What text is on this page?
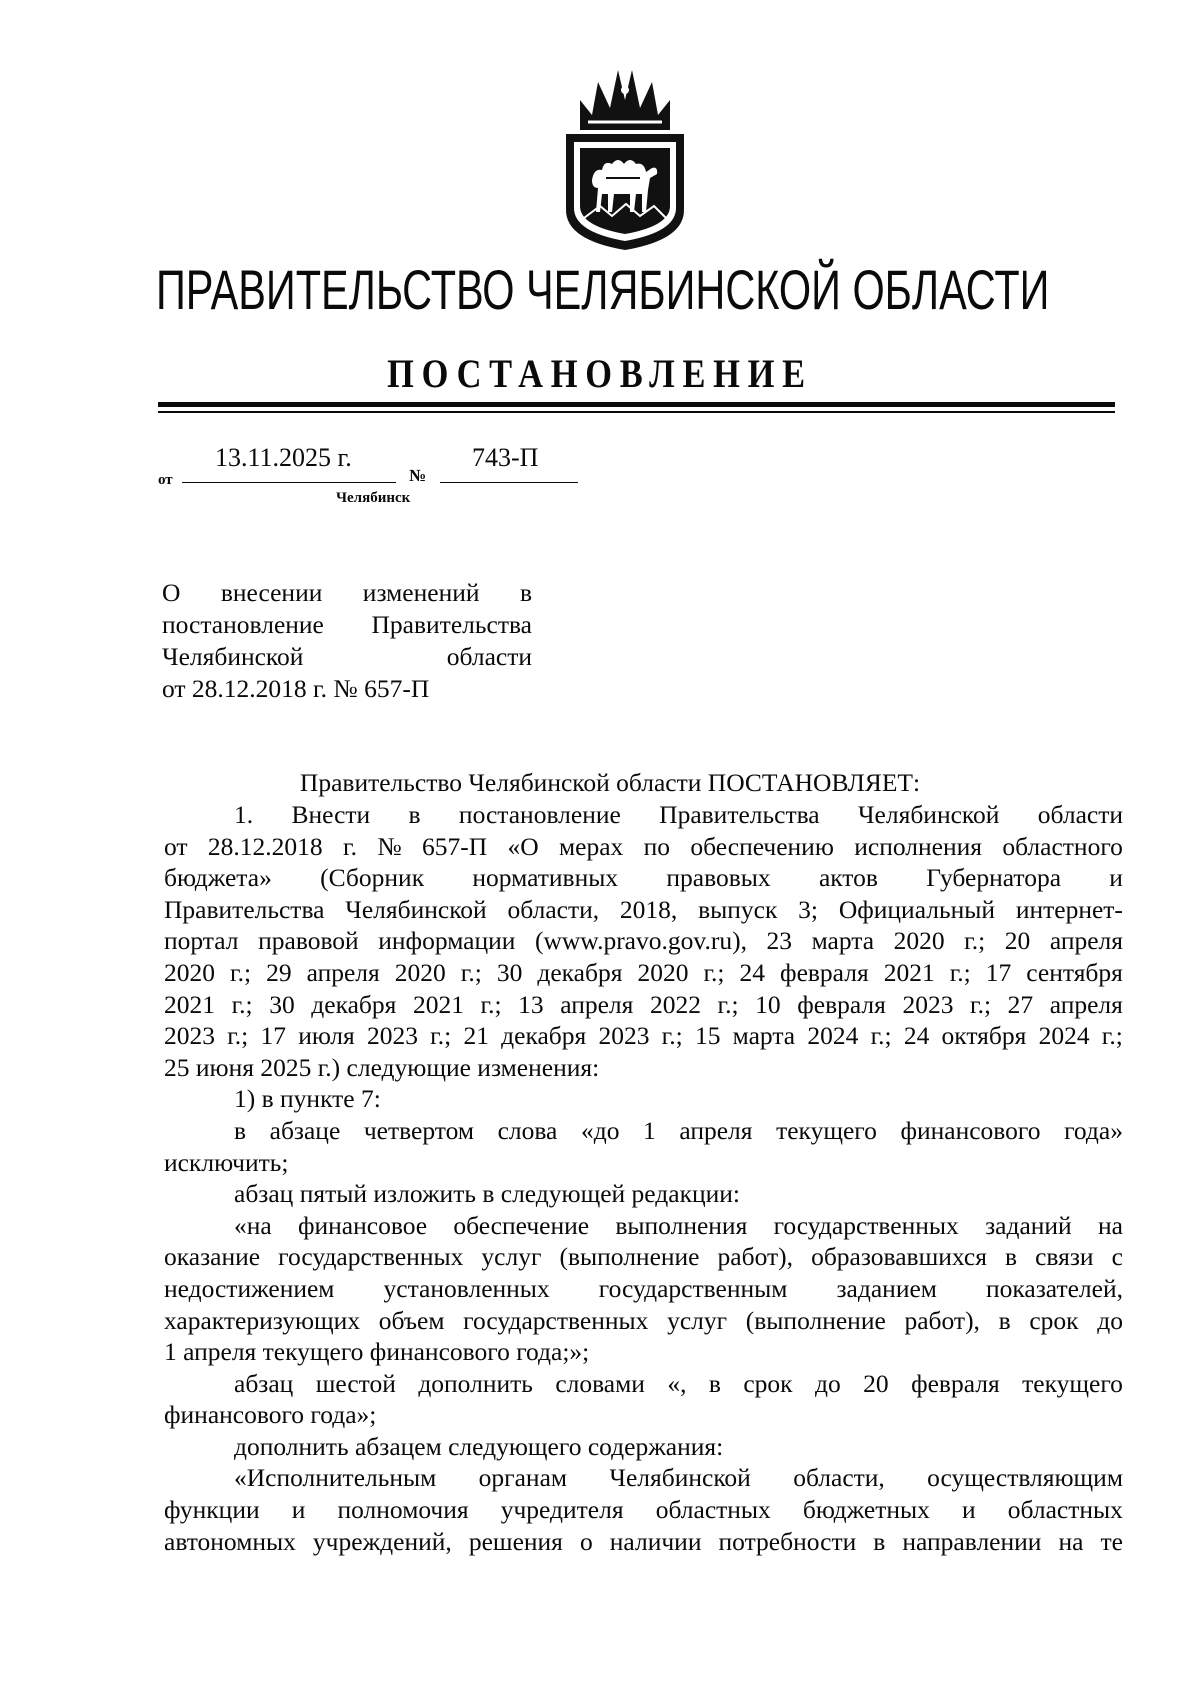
ПРАВИТЕЛЬСТВО ЧЕЛЯБИНСКОЙ ОБЛАСТИ
ПОСТАНОВЛЕНИЕ
от
13.11.2025 г.
№
743-П
Челябинск
О внесении изменений в
постановление Правительства
Челябинской	области
от 28.12.2018 г. № 657-П
Правительство Челябинской области ПОСТАНОВЛЯЕТ:
1. Внести в постановление Правительства Челябинской области
от 28.12.2018 г. № 657-П «О мерах по обеспечению исполнения областного
бюджета» (Сборник нормативных правовых актов Губернатора и
Правительства Челябинской области, 2018, выпуск 3; Официальный интернет-
портал правовой информации (www.pravo.gov.ru), 23 марта 2020 г.; 20 апреля
2020 г.; 29 апреля 2020 г.; 30 декабря 2020 г.; 24 февраля 2021 г.; 17 сентября
2021 г.; 30 декабря 2021 г.; 13 апреля 2022 г.; 10 февраля 2023 г.; 27 апреля
2023 г.; 17 июля 2023 г.; 21 декабря 2023 г.; 15 марта 2024 г.; 24 октября 2024 г.;
25 июня 2025 г.) следующие изменения:
1) в пункте 7:
в абзаце четвертом слова «до 1 апреля текущего финансового года»
исключить;
абзац пятый изложить в следующей редакции:
«на финансовое обеспечение выполнения государственных заданий на
оказание государственных услуг (выполнение работ), образовавшихся в связи с
недостижением установленных государственным заданием показателей,
характеризующих объем государственных услуг (выполнение работ), в срок до
1 апреля текущего финансового года;»;
абзац шестой дополнить словами «, в срок до 20 февраля текущего
финансового года»;
дополнить абзацем следующего содержания:
«Исполнительным органам Челябинской области, осуществляющим
функции и полномочия учредителя областных бюджетных и областных
автономных учреждений, решения о наличии потребности в направлении на те
